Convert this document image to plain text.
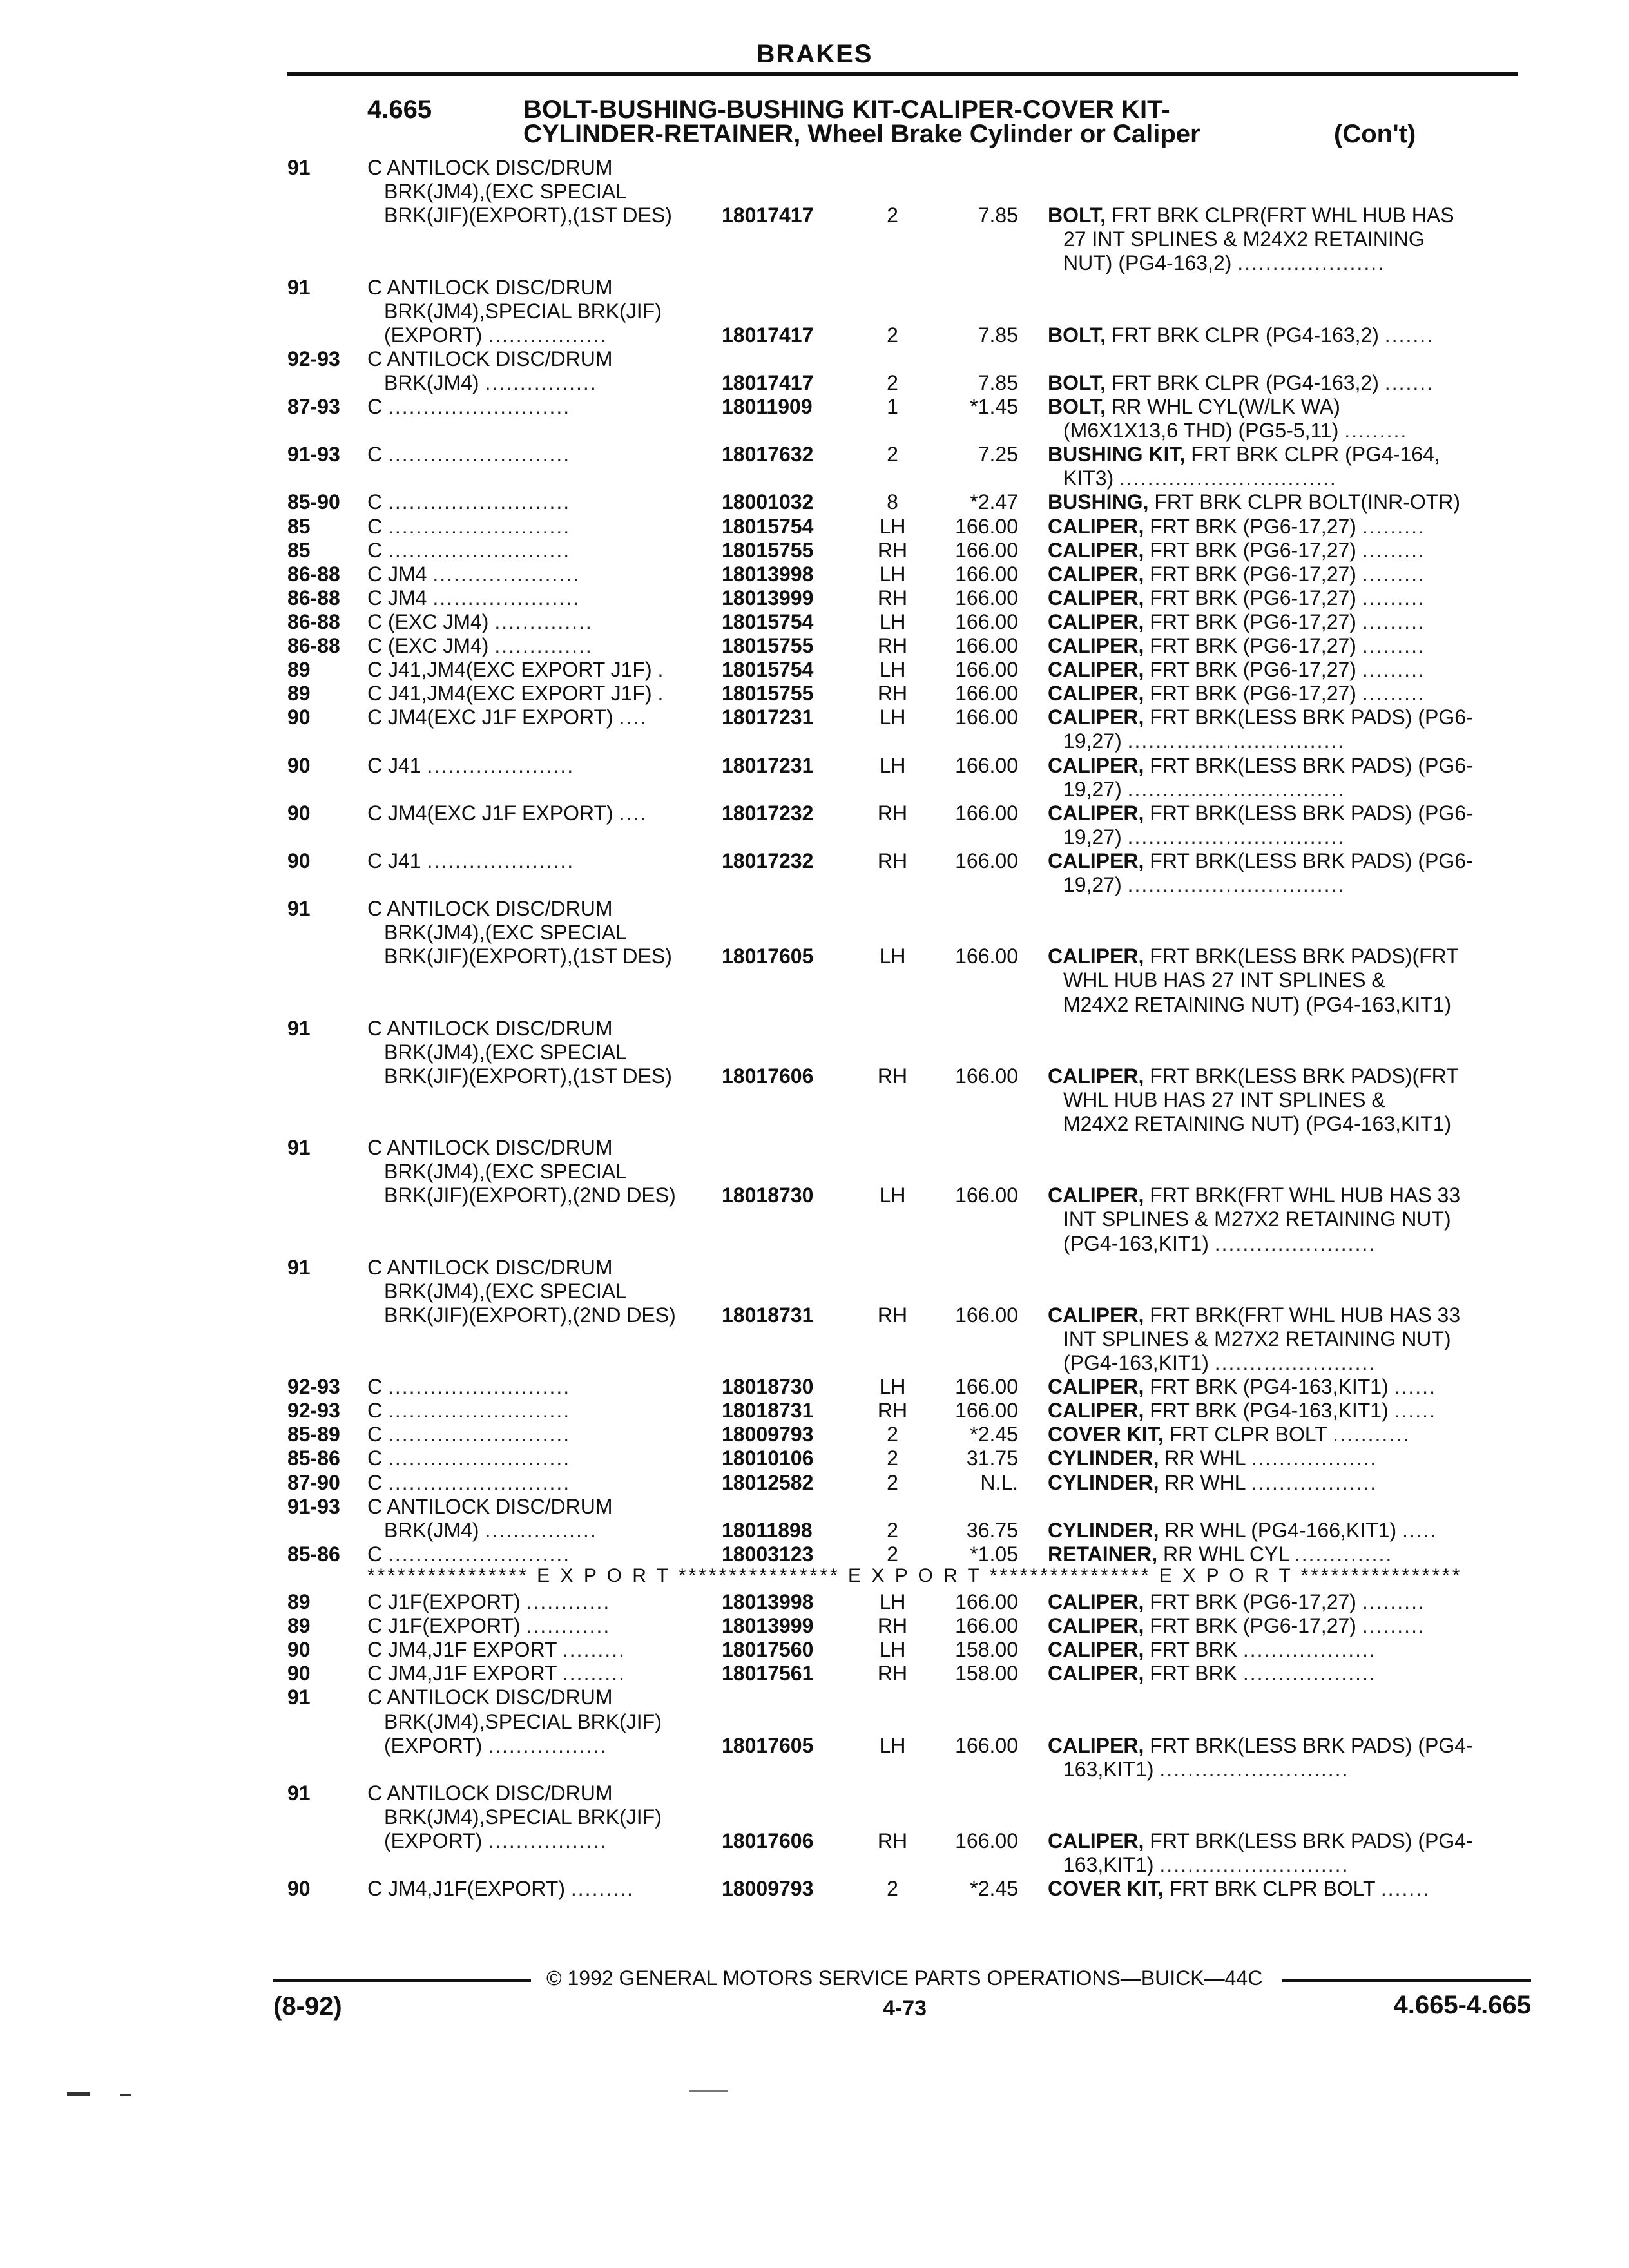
BRAKES
4.665	BOLT-BUSHING-BUSHING KIT-CALIPER-COVER KIT-
CYLINDER-RETAINER, Wheel Brake Cylinder or Caliper	(Con't)
91	C ANTILOCK DISC/DRUM
BRK(JM4),(EXC SPECIAL
BRK(JIF)(EXPORT),(1ST DES) 18017417	2	7.85 BOLT, FRT BRK CLPR(FRT WHL HUB HAS
27 INT SPLINES & M24X2 RETAINING
NUT) (PG4-163,2) .....................
91	C ANTILOCK DISC/DRUM
BRK(JM4),SPECIAL BRK(JIF)
(EXPORT) .................	18017417	2	7.85 BOLT, FRT BRK CLPR (PG4-163,2) .......
92-93 C ANTILOCK DISC/DRUM
BRK(JM4) ................	18017417	2	7.85 BOLT, FRT BRK CLPR (PG4-163,2) .......
87-93 C ..........................	18011909	1	*1.45 BOLT, RR WHL CYL(W/LK WA)
(M6X1X13,6 THD) (PG5-5,11) .........
91-93 C ..........................	18017632	2	7.25 BUSHING KIT, FRT BRK CLPR (PG4-164,
KIT3) ...............................
85-90 C ..........................	18001032	8	*2.47 BUSHING, FRT BRK CLPR BOLT(INR-OTR)
85	C ..........................	18015754	LH	166.00 CALIPER, FRT BRK (PG6-17,27) .........
85	C ..........................	18015755	RH	166.00 CALIPER, FRT BRK (PG6-17,27) .........
86-88 C JM4 .....................	18013998	LH	166.00 CALIPER, FRT BRK (PG6-17,27) .........
86-88 C JM4 .....................	18013999	RH	166.00 CALIPER, FRT BRK (PG6-17,27) .........
86-88 C (EXC JM4) ..............	18015754	LH	166.00 CALIPER, FRT BRK (PG6-17,27) .........
86-88 C (EXC JM4) ..............	18015755	RH	166.00 CALIPER, FRT BRK (PG6-17,27) .........
89	C J41,JM4(EXC EXPORT J1F) .	18015754	LH	166.00 CALIPER, FRT BRK (PG6-17,27) .........
89	C J41,JM4(EXC EXPORT J1F) .	18015755	RH	166.00 CALIPER, FRT BRK (PG6-17,27) .........
90	C JM4(EXC J1F EXPORT) ....	18017231	LH	166.00 CALIPER, FRT BRK(LESS BRK PADS) (PG6-
19,27) ...............................
90	C J41 .....................	18017231	LH	166.00 CALIPER, FRT BRK(LESS BRK PADS) (PG6-
19,27) ...............................
90	C JM4(EXC J1F EXPORT) ....	18017232	RH	166.00 CALIPER, FRT BRK(LESS BRK PADS) (PG6-
19,27) ...............................
90	C J41 .....................	18017232	RH	166.00 CALIPER, FRT BRK(LESS BRK PADS) (PG6-
19,27) ...............................
91	C ANTILOCK DISC/DRUM
BRK(JM4),(EXC SPECIAL
BRK(JIF)(EXPORT),(1ST DES) 18017605	LH	166.00 CALIPER, FRT BRK(LESS BRK PADS)(FRT
WHL HUB HAS 27 INT SPLINES &
M24X2 RETAINING NUT) (PG4-163,KIT1)
91	C ANTILOCK DISC/DRUM
BRK(JM4),(EXC SPECIAL
BRK(JIF)(EXPORT),(1ST DES) 18017606	RH	166.00 CALIPER, FRT BRK(LESS BRK PADS)(FRT
WHL HUB HAS 27 INT SPLINES &
M24X2 RETAINING NUT) (PG4-163,KIT1)
91	C ANTILOCK DISC/DRUM
BRK(JM4),(EXC SPECIAL
BRK(JIF)(EXPORT),(2ND DES) 18018730	LH	166.00 CALIPER, FRT BRK(FRT WHL HUB HAS 33
INT SPLINES & M27X2 RETAINING NUT)
(PG4-163,KIT1) .......................
91	C ANTILOCK DISC/DRUM
BRK(JM4),(EXC SPECIAL
BRK(JIF)(EXPORT),(2ND DES) 18018731	RH	166.00 CALIPER, FRT BRK(FRT WHL HUB HAS 33
INT SPLINES & M27X2 RETAINING NUT)
(PG4-163,KIT1) .......................
92-93 C ..........................	18018730	LH	166.00 CALIPER, FRT BRK (PG4-163,KIT1) ......
92-93 C ..........................	18018731	RH	166.00 CALIPER, FRT BRK (PG4-163,KIT1) ......
85-89 C ..........................	18009793	2	*2.45 COVER KIT, FRT CLPR BOLT ...........
85-86 C ..........................	18010106	2	31.75 CYLINDER, RR WHL ..................
87-90 C ..........................	18012582	2	N.L. CYLINDER, RR WHL ..................
91-93 C ANTILOCK DISC/DRUM
BRK(JM4) ................	18011898	2	36.75 CYLINDER, RR WHL (PG4-166,KIT1) .....
85-86 C ..........................	18003123	2	*1.05 RETAINER, RR WHL CYL ..............
**************** E X P O R T **************** E X P O R T **************** E X P O R T ****************
89	C J1F(EXPORT) ............	18013998	LH	166.00 CALIPER, FRT BRK (PG6-17,27) .........
89	C J1F(EXPORT) ............	18013999	RH	166.00 CALIPER, FRT BRK (PG6-17,27) .........
90	C JM4,J1F EXPORT .........	18017560	LH	158.00 CALIPER, FRT BRK ...................
90	C JM4,J1F EXPORT .........	18017561	RH	158.00 CALIPER, FRT BRK ...................
91	C ANTILOCK DISC/DRUM
BRK(JM4),SPECIAL BRK(JIF)
(EXPORT) .................	18017605	LH	166.00 CALIPER, FRT BRK(LESS BRK PADS) (PG4-
163,KIT1) ...........................
91	C ANTILOCK DISC/DRUM
BRK(JM4),SPECIAL BRK(JIF)
(EXPORT) .................	18017606	RH	166.00 CALIPER, FRT BRK(LESS BRK PADS) (PG4-
163,KIT1) ...........................
90	C JM4,J1F(EXPORT) .........	18009793	2	*2.45 COVER KIT, FRT BRK CLPR BOLT .......
© 1992 GENERAL MOTORS SERVICE PARTS OPERATIONS—BUICK—44C
(8-92)	4-73	4.665-4.665
